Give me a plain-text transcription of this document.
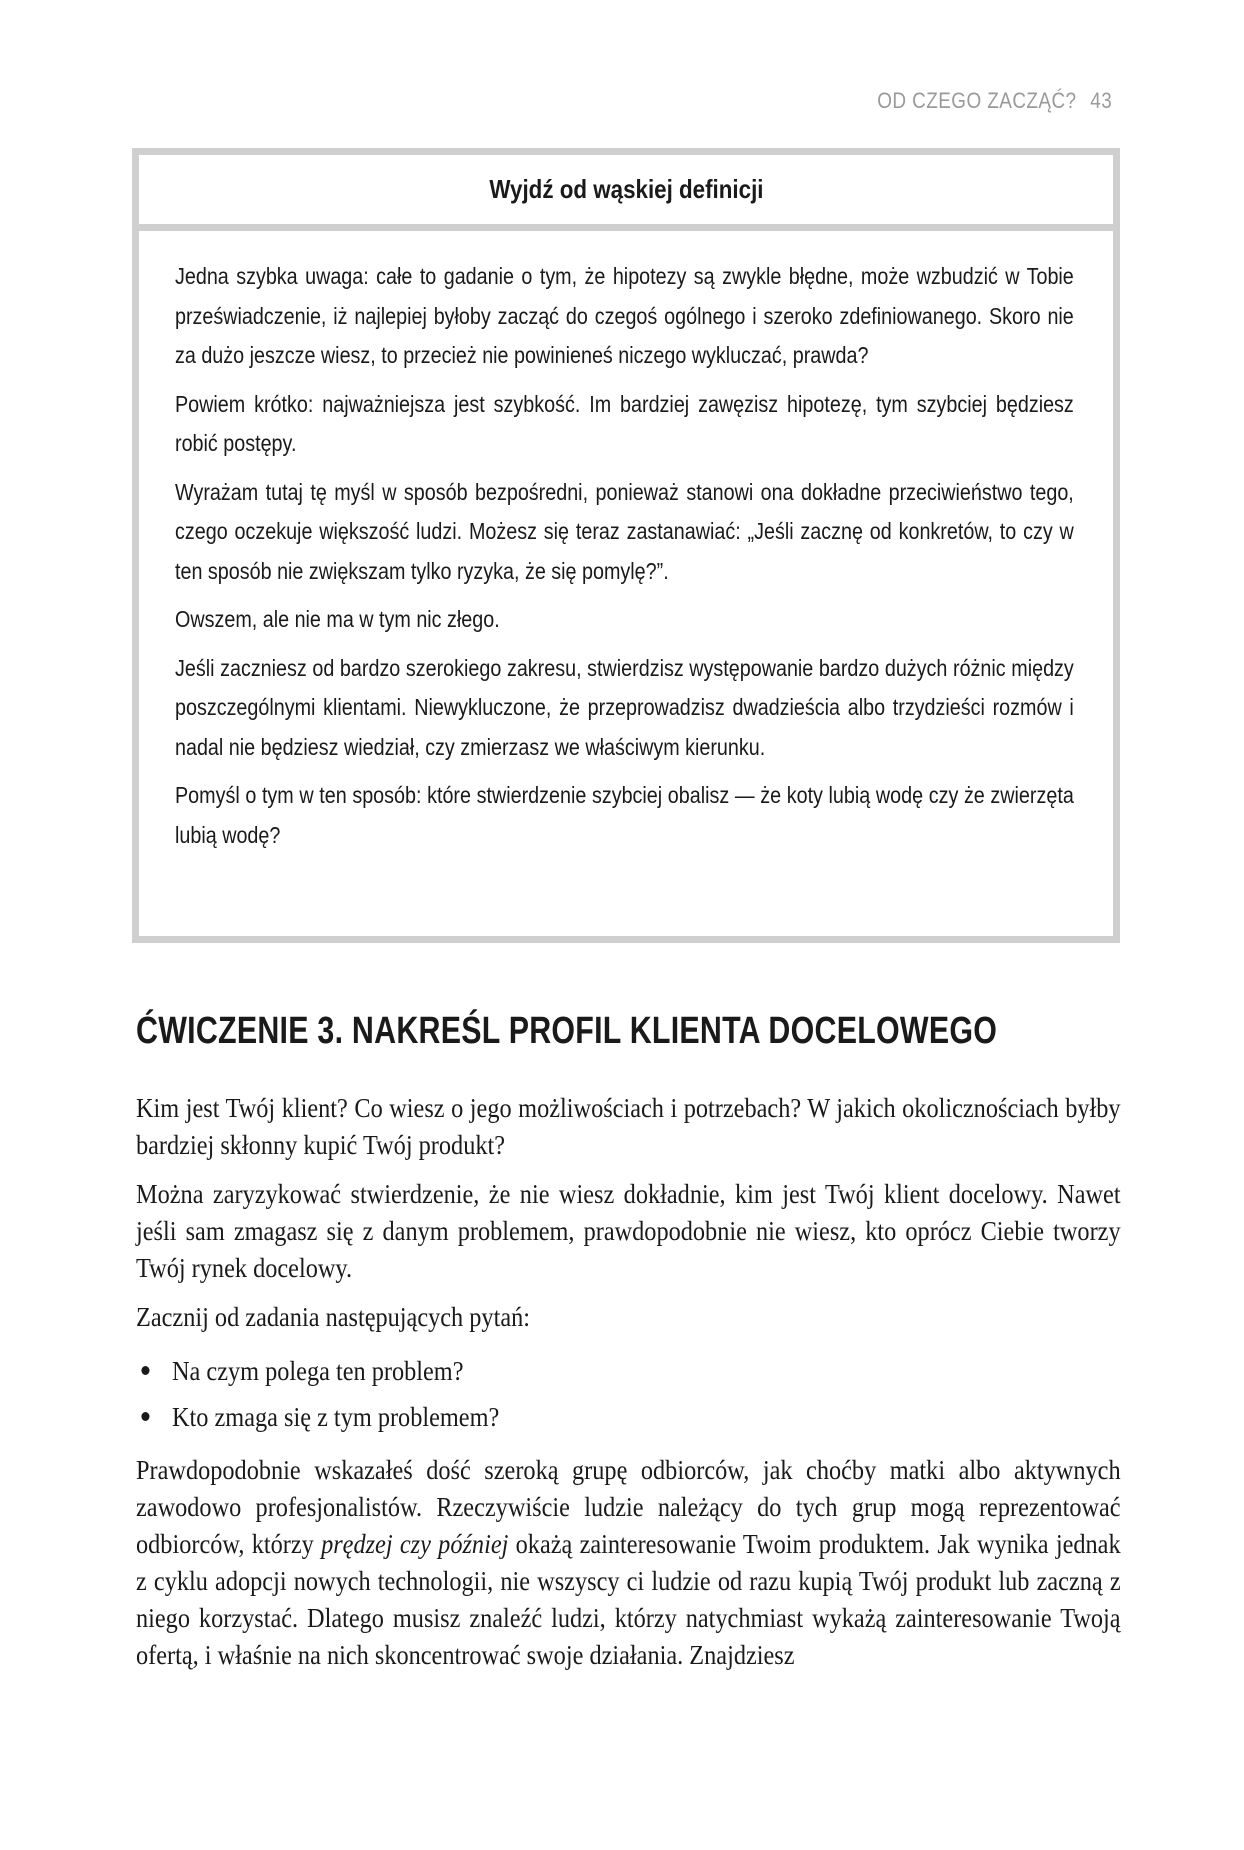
OD CZEGO ZACZĄĆ? 43
Wyjdź od wąskiej definicji

Jedna szybka uwaga: całe to gadanie o tym, że hipotezy są zwykle błędne, może wzbudzić w Tobie przeświadczenie, iż najlepiej byłoby zacząć do czegoś ogólnego i szeroko zdefiniowanego. Skoro nie za dużo jeszcze wiesz, to przecież nie powinieneś niczego wykluczać, prawda?

Powiem krótko: najważniejsza jest szybkość. Im bardziej zawęzisz hipotezę, tym szybciej będziesz robić postępy.

Wyrażam tutaj tę myśl w sposób bezpośredni, ponieważ stanowi ona dokładne przeciwieństwo tego, czego oczekuje większość ludzi. Możesz się teraz zastanawiać: „Jeśli zacznę od konkretów, to czy w ten sposób nie zwiększam tylko ryzyka, że się pomylę?”.

Owszem, ale nie ma w tym nic złego.

Jeśli zaczniesz od bardzo szerokiego zakresu, stwierdzisz występowanie bardzo dużych różnic między poszczególnymi klientami. Niewykluczone, że przeprowadzisz dwadzieścia albo trzydzieści rozmów i nadal nie będziesz wiedział, czy zmierzasz we właściwym kierunku.

Pomyśl o tym w ten sposób: które stwierdzenie szybciej obalisz — że koty lubią wodę czy że zwierzęta lubią wodę?

ĆWICZENIE 3. NAKREŚL PROFIL KLIENTA DOCELOWEGO

Kim jest Twój klient? Co wiesz o jego możliwościach i potrzebach? W jakich okolicznościach byłby bardziej skłonny kupić Twój produkt?

Można zaryzykować stwierdzenie, że nie wiesz dokładnie, kim jest Twój klient docelowy. Nawet jeśli sam zmagasz się z danym problemem, prawdopodobnie nie wiesz, kto oprócz Ciebie tworzy Twój rynek docelowy.

Zacznij od zadania następujących pytań:

Na czym polega ten problem?
Kto zmaga się z tym problemem?

Prawdopodobnie wskazałeś dość szeroką grupę odbiorców, jak choćby matki albo aktywnych zawodowo profesjonalistów. Rzeczywiście ludzie należący do tych grup mogą reprezentować odbiorców, którzy prędzej czy później okażą zainteresowanie Twoim produktem. Jak wynika jednak z cyklu adopcji nowych technologii, nie wszyscy ci ludzie od razu kupią Twój produkt lub zaczną z niego korzystać. Dlatego musisz znaleźć ludzi, którzy natychmiast wykażą zainteresowanie Twoją ofertą, i właśnie na nich skoncentrować swoje działania. Znajdziesz
